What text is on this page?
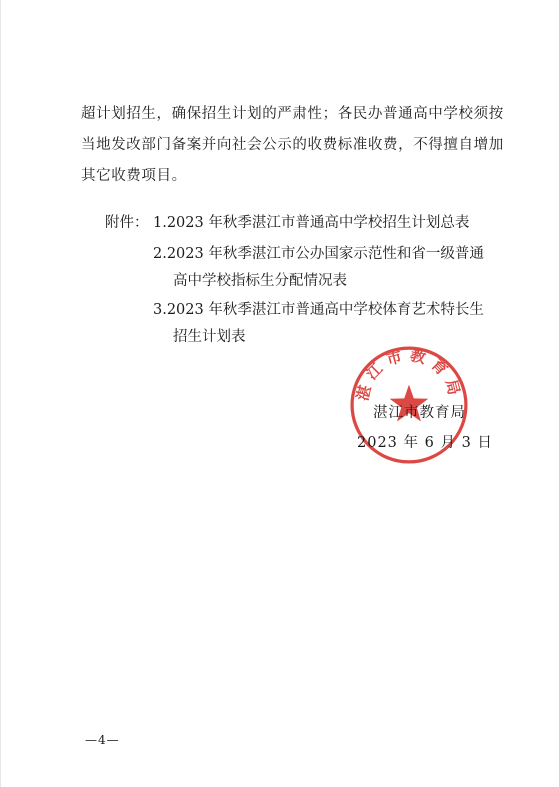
超计划招生，确保招生计划的严肃性；各民办普通高中学校须按
当地发改部门备案并向社会公示的收费标准收费，不得擅自增加
其它收费项目。
附件： 1.2023 年秋季湛江市普通高中学校招生计划总表
2.2023 年秋季湛江市公办国家示范性和省一级普通
高中学校指标生分配情况表
3.2023 年秋季湛江市普通高中学校体育艺术特长生
招生计划表
湛江市教育局
湛江市教育局
2023 年 6 月 3 日
—4—
